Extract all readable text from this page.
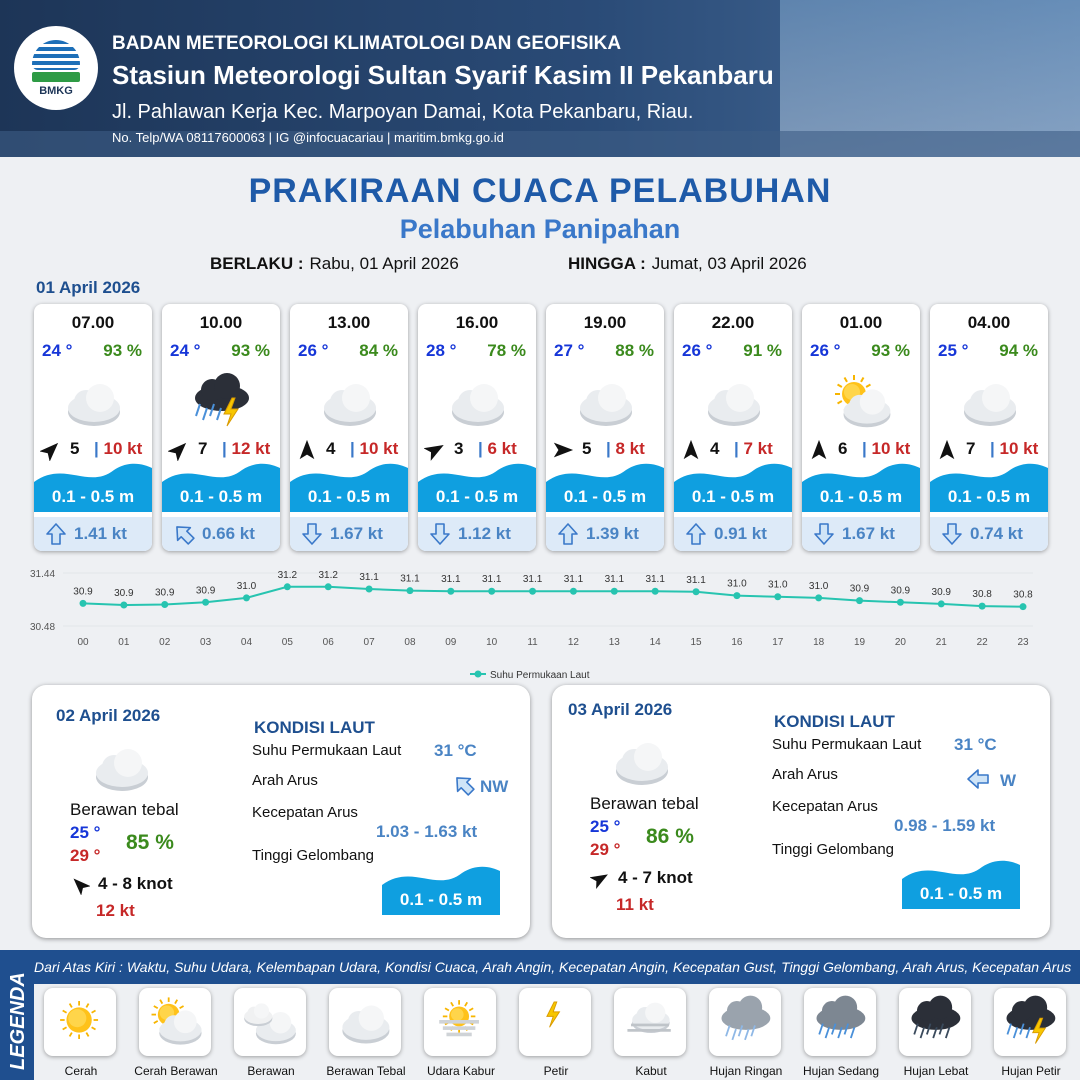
BMKG
BADAN METEOROLOGI KLIMATOLOGI DAN GEOFISIKA
Stasiun Meteorologi Sultan Syarif Kasim II Pekanbaru
Jl. Pahlawan Kerja Kec. Marpoyan Damai, Kota Pekanbaru, Riau.
No. Telp/WA 08117600063 | IG @infocuacariau | maritim.bmkg.go.id
PRAKIRAAN CUACA PELABUHAN
Pelabuhan Panipahan
BERLAKU : Rabu, 01 April 2026	HINGGA : Jumat, 03 April 2026
01 April 2026
07.00
24 ° 93 %
5	| 10 kt
0.1 - 0.5 m
1.41 kt
10.00
24 ° 93 %
7	| 12 kt
0.1 - 0.5 m
0.66 kt
13.00
26 ° 84 %
4	| 10 kt
0.1 - 0.5 m
1.67 kt
16.00
28 ° 78 %
3	| 6 kt
0.1 - 0.5 m
1.12 kt
19.00
27 ° 88 %
5	| 8 kt
0.1 - 0.5 m
1.39 kt
22.00
26 ° 91 %
4	| 7 kt
0.1 - 0.5 m
0.91 kt
01.00
26 ° 93 %
6	| 10 kt
0.1 - 0.5 m
1.67 kt
04.00
25 ° 94 %
7	| 10 kt
0.1 - 0.5 m
0.74 kt
31.44
30.48
30.9
00
30.9
01
30.9
02
30.9
03
31.0
04
31.2
05
31.2
06
31.1
07
31.1
08
31.1
09
31.1
10
31.1
11
31.1
12
31.1
13
31.1
14
31.1
15
31.0
16
31.0
17
31.0
18
30.9
19
30.9
20
30.9
21
30.8
22
30.8
23
Suhu Permukaan Laut
02 April 2026
Berawan tebal
25 °
29 °
85 %
4 - 8 knot
12 kt
KONDISI LAUT
Suhu Permukaan Laut 31 °C
Arah Arus	NW
Kecepatan Arus
1.03 - 1.63 kt
Tinggi Gelombang
0.1 - 0.5 m
03 April 2026
Berawan tebal
25 °
29 °
86 %
4 - 7 knot
11 kt
KONDISI LAUT
Suhu Permukaan Laut 31 °C
Arah Arus	W
Kecepatan Arus
0.98 - 1.59 kt
Tinggi Gelombang
0.1 - 0.5 m
Dari Atas Kiri : Waktu, Suhu Udara, Kelembapan Udara, Kondisi Cuaca, Arah Angin, Kecepatan Angin, Kecepatan Gust, Tinggi Gelombang, Arah Arus, Kecepatan Arus
Cerah	Cerah Berawan	Berawan	Berawan Tebal	Udara Kabur	Petir	Kabut	Hujan Ringan	Hujan Sedang	Hujan Lebat	Hujan Petir
LEGENDA
